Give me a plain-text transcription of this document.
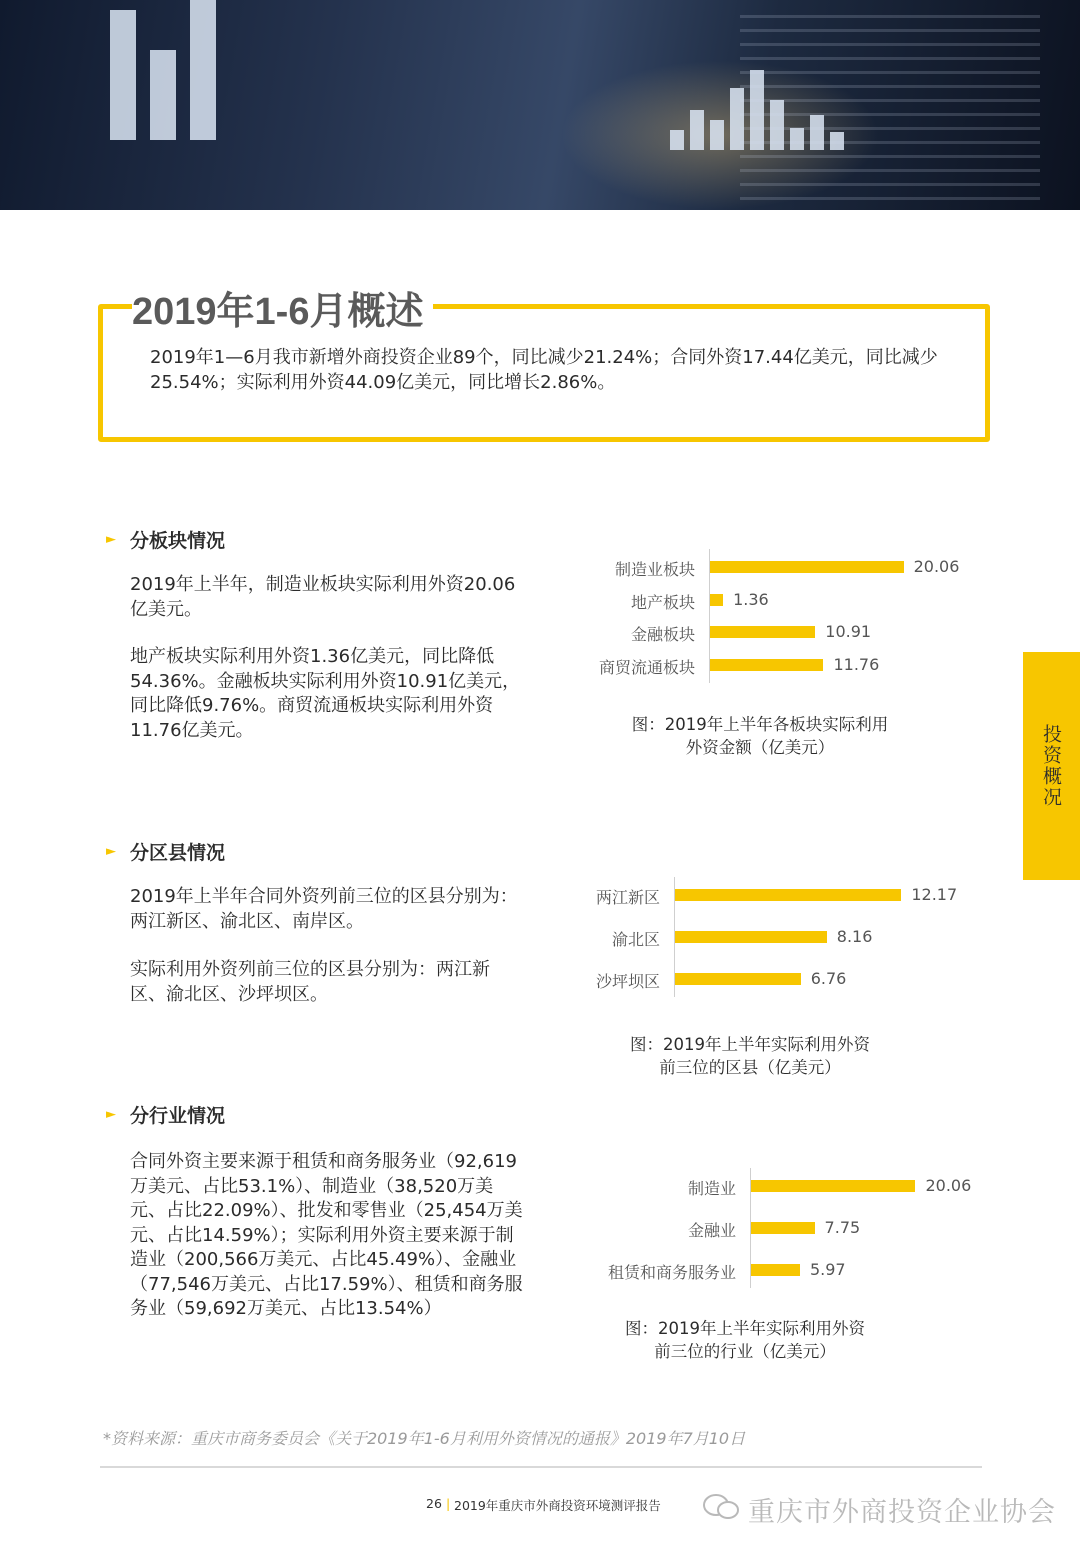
2019年1-6月概述
2019年1—6月我市新增外商投资企业89个，同比减少21.24%；合同外资17.44亿美元，同比减少25.54%；实际利用外资44.09亿美元，同比增长2.86%。
► 分板块情况
2019年上半年，制造业板块实际利用外资20.06亿美元。
地产板块实际利用外资1.36亿美元，同比降低54.36%。金融板块实际利用外资10.91亿美元，同比降低9.76%。商贸流通板块实际利用外资11.76亿美元。
► 分区县情况
2019年上半年合同外资列前三位的区县分别为：两江新区、渝北区、南岸区。
实际利用外资列前三位的区县分别为：两江新区、渝北区、沙坪坝区。
► 分行业情况
合同外资主要来源于租赁和商务服务业（92,619万美元、占比53.1%）、制造业（38,520万美元、占比22.09%）、批发和零售业（25,454万美元、占比14.59%）；实际利用外资主要来源于制造业（200,566万美元、占比45.49%）、金融业（77,546万美元、占比17.59%）、租赁和商务服务业（59,692万美元、占比13.54%）
制造业板块	20.06
地产板块 1.36
金融板块	10.91
商贸流通板块	11.76
图：2019年上半年各板块实际利用
外资金额（亿美元）
两江新区	12.17
渝北区	8.16
沙坪坝区	6.76
图：2019年上半年实际利用外资
前三位的区县（亿美元）
制造业	20.06
金融业	7.75
租赁和商务服务业	5.97
图：2019年上半年实际利用外资
前三位的行业（亿美元）
投资概况
*资料来源：重庆市商务委员会《关于2019年1-6月利用外资情况的通报》2019年7月10日
26 | 2019年重庆市外商投资环境测评报告	重庆市外商投资企业协会
